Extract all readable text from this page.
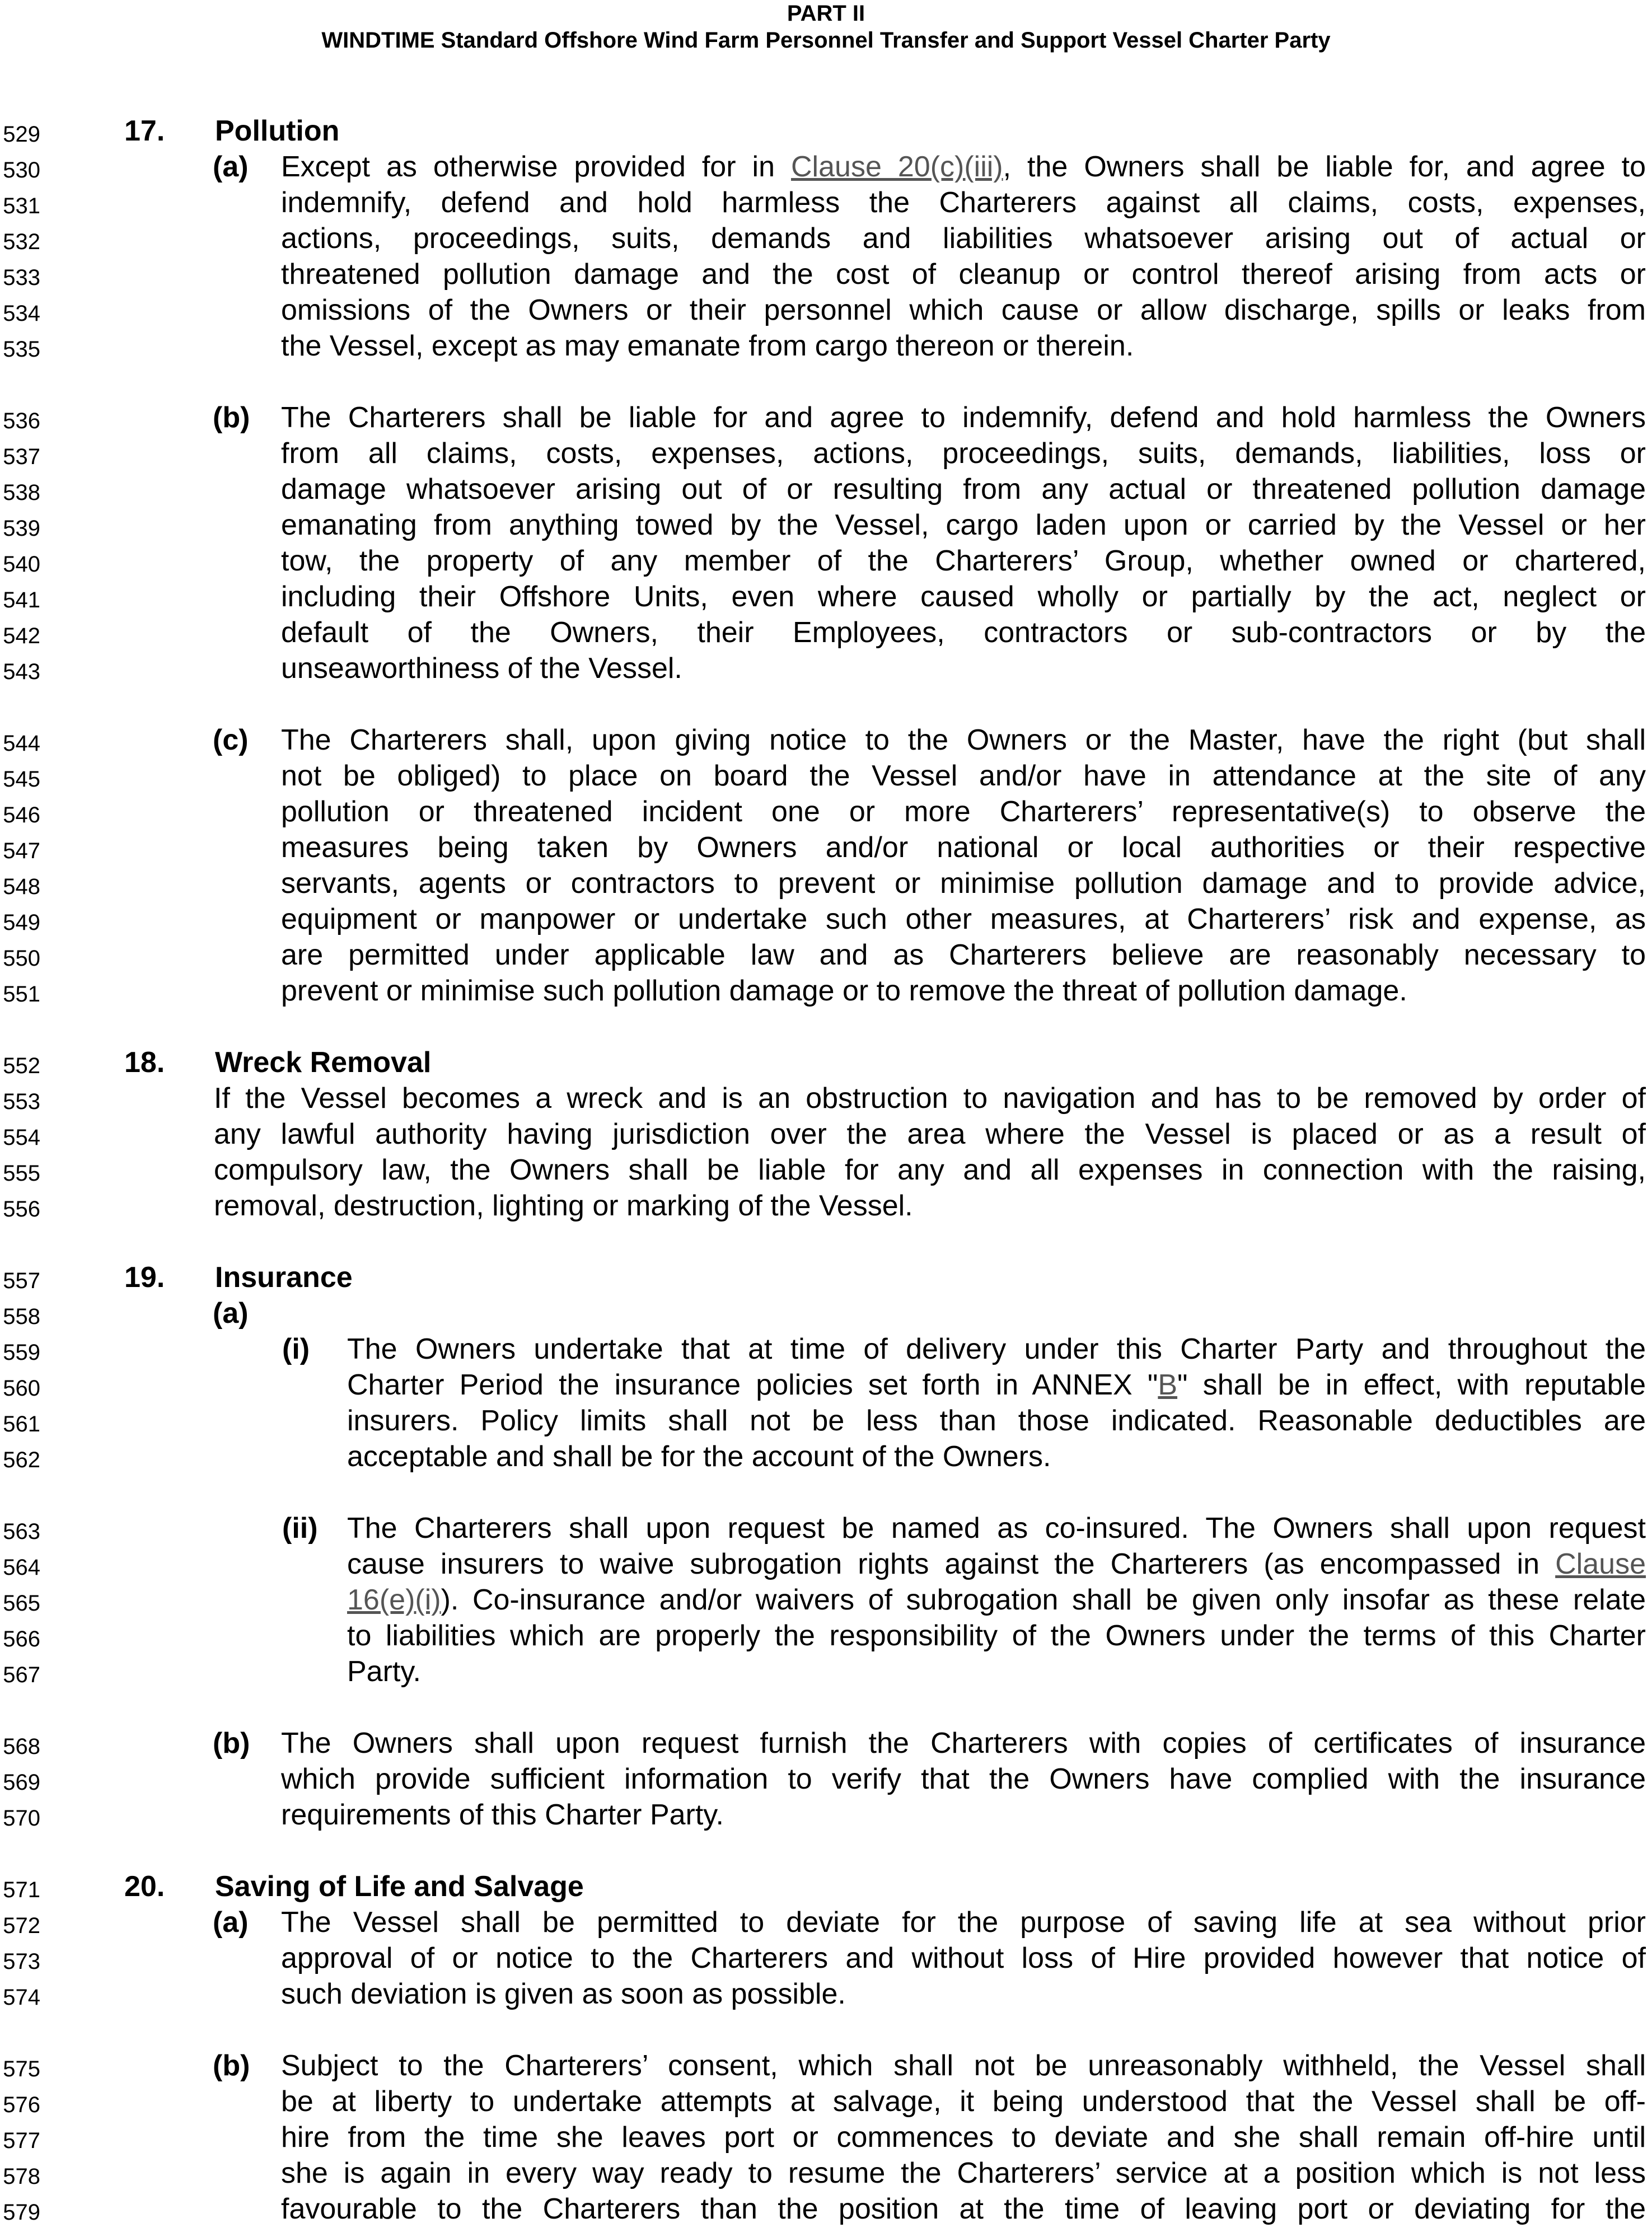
PART II
WINDTIME Standard Offshore Wind Farm Personnel Transfer and Support Vessel Charter Party
529
530
531
532
533
534
535
536
537
538
539
540
541
542
543
544
545
546
547
548
549
550
551
552
553
554
555
556
557
558
559
560
561
562
563
564
565
566
567
568
569
570
571
572
573
574
575
576
577
578
579
17. Pollution
(a) Except as otherwise provided for in Clause 20(c)(iii), the Owners shall be liable for, and agree to
indemnify, defend and hold harmless the Charterers against all claims, costs, expenses,
actions, proceedings, suits, demands and liabilities whatsoever arising out of actual or
threatened pollution damage and the cost of cleanup or control thereof arising from acts or
omissions of the Owners or their personnel which cause or allow discharge, spills or leaks from
the Vessel, except as may emanate from cargo thereon or therein.
(b) The Charterers shall be liable for and agree to indemnify, defend and hold harmless the Owners
from all claims, costs, expenses, actions, proceedings, suits, demands, liabilities, loss or
damage whatsoever arising out of or resulting from any actual or threatened pollution damage
emanating from anything towed by the Vessel, cargo laden upon or carried by the Vessel or her
tow, the property of any member of the Charterers’ Group, whether owned or chartered,
including their Offshore Units, even where caused wholly or partially by the act, neglect or
default of the Owners, their Employees, contractors or sub-contractors or by the
unseaworthiness of the Vessel.
(c) The Charterers shall, upon giving notice to the Owners or the Master, have the right (but shall
not be obliged) to place on board the Vessel and/or have in attendance at the site of any
pollution or threatened incident one or more Charterers’ representative(s) to observe the
measures being taken by Owners and/or national or local authorities or their respective
servants, agents or contractors to prevent or minimise pollution damage and to provide advice,
equipment or manpower or undertake such other measures, at Charterers’ risk and expense, as
are permitted under applicable law and as Charterers believe are reasonably necessary to
prevent or minimise such pollution damage or to remove the threat of pollution damage.
18. Wreck Removal
If the Vessel becomes a wreck and is an obstruction to navigation and has to be removed by order of
any lawful authority having jurisdiction over the area where the Vessel is placed or as a result of
compulsory law, the Owners shall be liable for any and all expenses in connection with the raising,
removal, destruction, lighting or marking of the Vessel.
19. Insurance
(a)
(i) The Owners undertake that at time of delivery under this Charter Party and throughout the
Charter Period the insurance policies set forth in ANNEX "B" shall be in effect, with reputable
insurers. Policy limits shall not be less than those indicated. Reasonable deductibles are
acceptable and shall be for the account of the Owners.
(ii) The Charterers shall upon request be named as co-insured. The Owners shall upon request
cause insurers to waive subrogation rights against the Charterers (as encompassed in Clause
16(e)(i)). Co-insurance and/or waivers of subrogation shall be given only insofar as these relate
to liabilities which are properly the responsibility of the Owners under the terms of this Charter
Party.
(b) The Owners shall upon request furnish the Charterers with copies of certificates of insurance
which provide sufficient information to verify that the Owners have complied with the insurance
requirements of this Charter Party.
20. Saving of Life and Salvage
(a) The Vessel shall be permitted to deviate for the purpose of saving life at sea without prior
approval of or notice to the Charterers and without loss of Hire provided however that notice of
such deviation is given as soon as possible.
(b) Subject to the Charterers’ consent, which shall not be unreasonably withheld, the Vessel shall
be at liberty to undertake attempts at salvage, it being understood that the Vessel shall be off-
hire from the time she leaves port or commences to deviate and she shall remain off-hire until
she is again in every way ready to resume the Charterers’ service at a position which is not less
favourable to the Charterers than the position at the time of leaving port or deviating for the
